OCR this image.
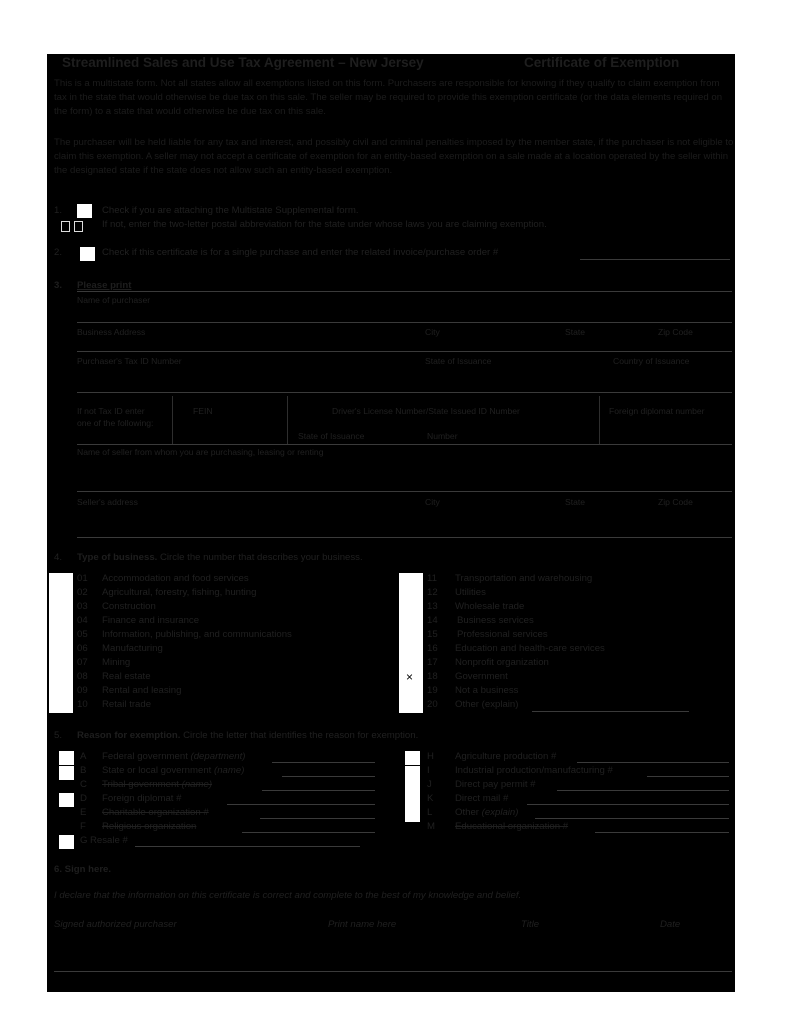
Streamlined Sales and Use Tax Agreement – New Jersey	Certificate of Exemption
This is a multistate form. Not all states allow all exemptions listed on this form. Purchasers are responsible for knowing if they qualify to claim exemption from tax in the state that would otherwise be due tax on this sale. The seller may be required to provide this exemption certificate (or the data elements required on the form) to a state that would otherwise be due tax on this sale.
The purchaser will be held liable for any tax and interest, and possibly civil and criminal penalties imposed by the member state, if the purchaser is not eligible to claim this exemption. A seller may not accept a certificate of exemption for an entity-based exemption on a sale made at a location operated by the seller within the designated state if the state does not allow such an entity-based exemption.
1.	Check if you are attaching the Multistate Supplemental form.
If not, enter the two-letter postal abbreviation for the state under whose laws you are claiming exemption.
2.	Check if this certificate is for a single purchase and enter the related invoice/purchase order #
3. Please print
Name of purchaser
Business Address	City	State	Zip Code
Purchaser's Tax ID Number	State of Issuance	Country of Issuance
If not Tax ID enter
one of the following:
FEIN	Driver's License Number/State Issued ID Number	Foreign diplomat number
State of Issuance	Number
Name of seller from whom you are purchasing, leasing or renting
Seller's address	City	State	Zip Code
4. Type of business. Circle the number that describes your business.
01 Accommodation and food services
02 Agricultural, forestry, fishing, hunting
03 Construction
04 Finance and insurance
05 Information, publishing, and communications
06 Manufacturing
07 Mining
08 Real estate
09 Rental and leasing
10 Retail trade
11 Transportation and warehousing
12 Utilities
13 Wholesale trade
14 Business services
15 Professional services
16 Education and health-care services
17 Nonprofit organization
× 18 Government
19 Not a business
20 Other (explain)
5. Reason for exemption. Circle the letter that identifies the reason for exemption.
A Federal government (department)
B State or local government (name)
C Tribal government (name)
D Foreign diplomat #
E Charitable organization #
F Religious organization
G Resale #
H Agriculture production #
I	Industrial production/manufacturing #
J Direct pay permit #
K Direct mail #
L Other (explain)
M Educational organization #
6. Sign here.
I declare that the information on this certificate is correct and complete to the best of my knowledge and belief.
Signed authorized purchaser	Print name here	Title	Date
